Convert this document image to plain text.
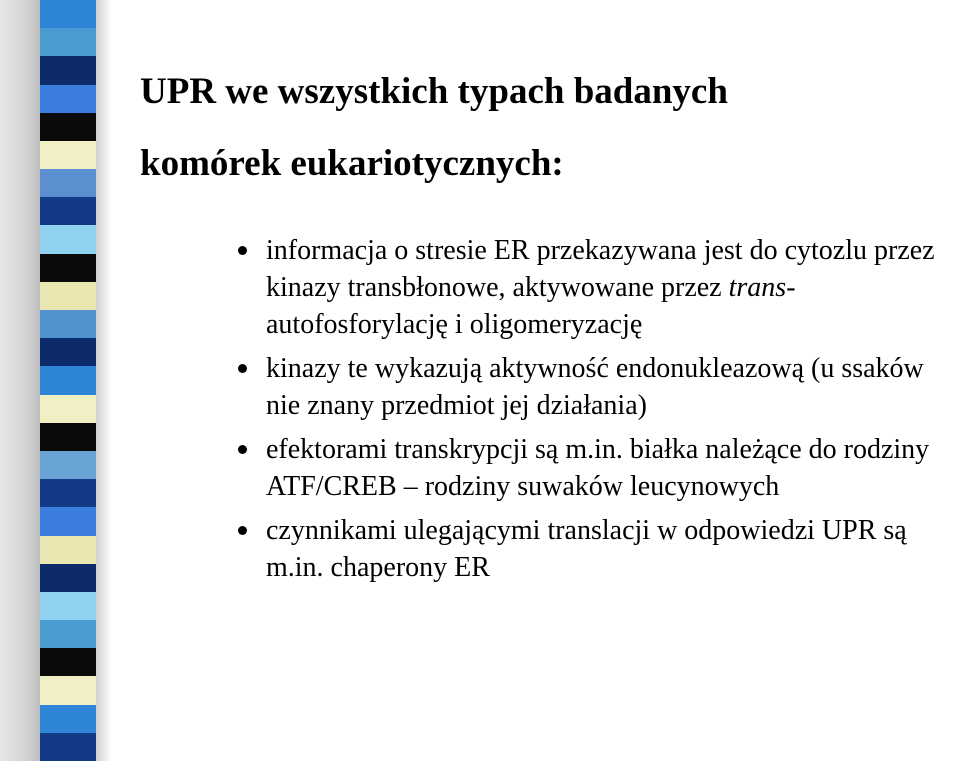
UPR we wszystkich typach badanych
komórek eukariotycznych:
informacja o stresie ER przekazywana jest do cytozlu przez kinazy transbłonowe, aktywowane przez trans-autofosforylację i oligomeryzację
kinazy te wykazują aktywność endonukleazową (u ssaków nie znany przedmiot jej działania)
efektorami transkrypcji są m.in. białka należące do rodziny ATF/CREB – rodziny suwaków leucynowych
czynnikami ulegającymi translacji w odpowiedzi UPR są m.in. chaperony ER
